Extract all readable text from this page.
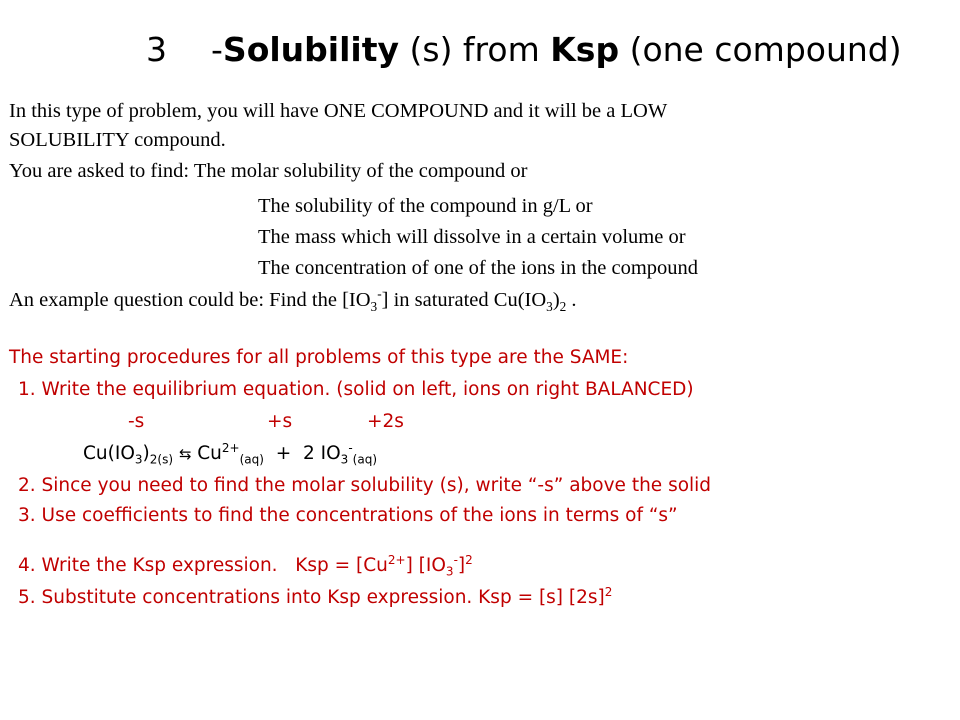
3 -Solubility (s) from Ksp (one compound)
In this type of problem, you will have ONE COMPOUND and it will be a LOW
SOLUBILITY compound.
You are asked to find: The molar solubility of the compound or
The solubility of the compound in g/L or
The mass which will dissolve in a certain volume or
The concentration of one of the ions in the compound
An example question could be: Find the $[IO_3^-]$ in saturated $Cu(IO_3)_2$ .
The starting procedures for all problems of this type are the SAME:
1. Write the equilibrium equation. (solid on left, ions on right BALANCED)
-s	+s	+2s
$Cu(IO_3)_{2(s)}$ ⇆ $Cu^{2+}_{(aq)} + 2$ $IO_3^-_{(aq)}$
2. Since you need to find the molar solubility (s), write “-s” above the solid
3. Use coefficients to find the concentrations of the ions in terms of “s”
4. Write the Ksp expression.   Ksp = $[Cu^{2+}]$ $[IO_3^-]^2$
5. Substitute concentrations into Ksp expression. Ksp = [s] $[2s]^2$
